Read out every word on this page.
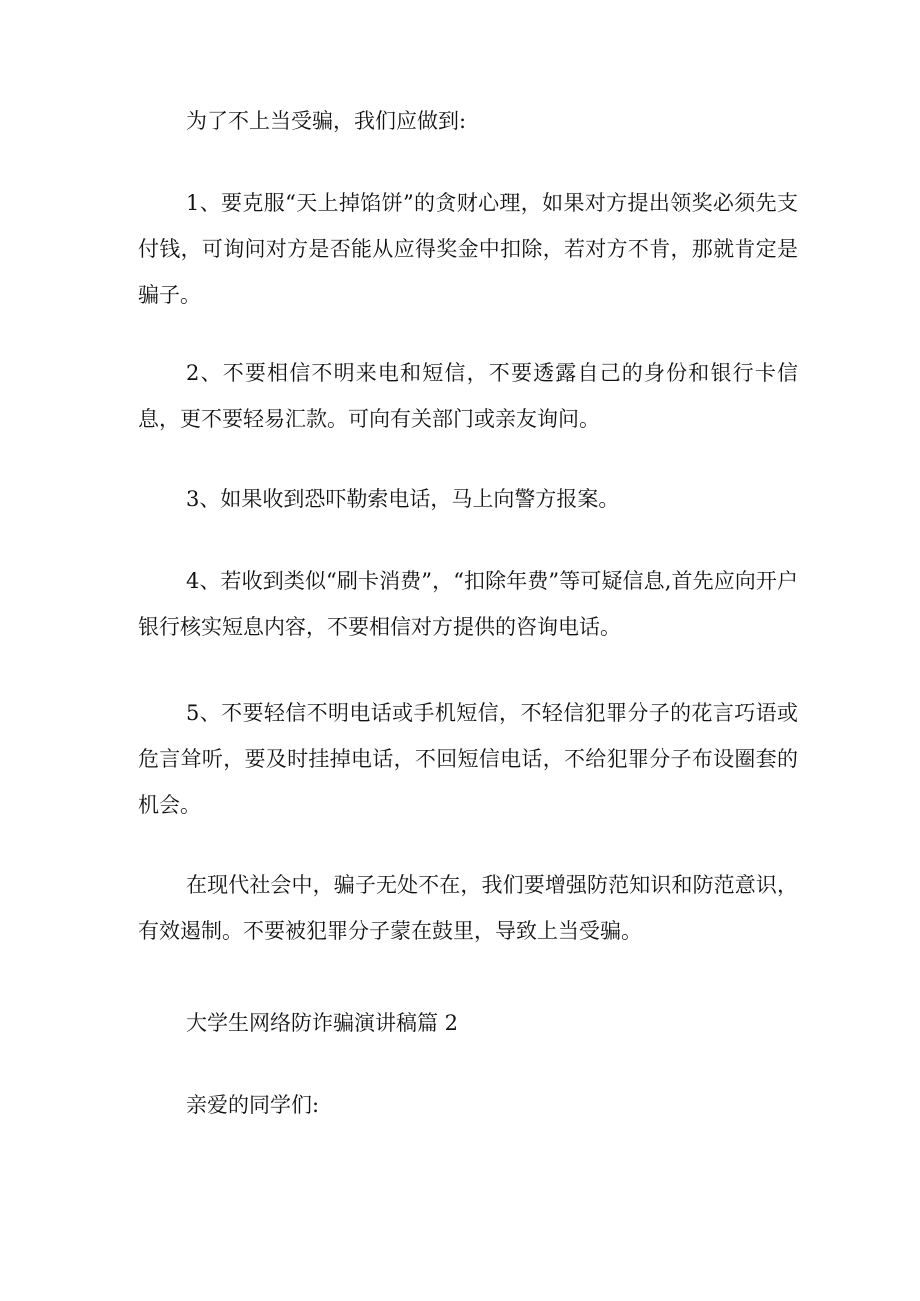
为了不上当受骗，我们应做到:

1、要克服“天上掉馅饼”的贪财心理，如果对方提出领奖必须先支付钱，可询问对方是否能从应得奖金中扣除，若对方不肯，那就肯定是骗子。

2、不要相信不明来电和短信，不要透露自己的身份和银行卡信息，更不要轻易汇款。可向有关部门或亲友询问。

3、如果收到恐吓勒索电话，马上向警方报案。

4、若收到类似“刷卡消费”，“扣除年费”等可疑信息,首先应向开户银行核实短息内容，不要相信对方提供的咨询电话。

5、不要轻信不明电话或手机短信，不轻信犯罪分子的花言巧语或危言耸听，要及时挂掉电话，不回短信电话，不给犯罪分子布设圈套的机会。

在现代社会中，骗子无处不在，我们要增强防范知识和防范意识，有效遏制。不要被犯罪分子蒙在鼓里，导致上当受骗。

大学生网络防诈骗演讲稿篇 2

亲爱的同学们:
